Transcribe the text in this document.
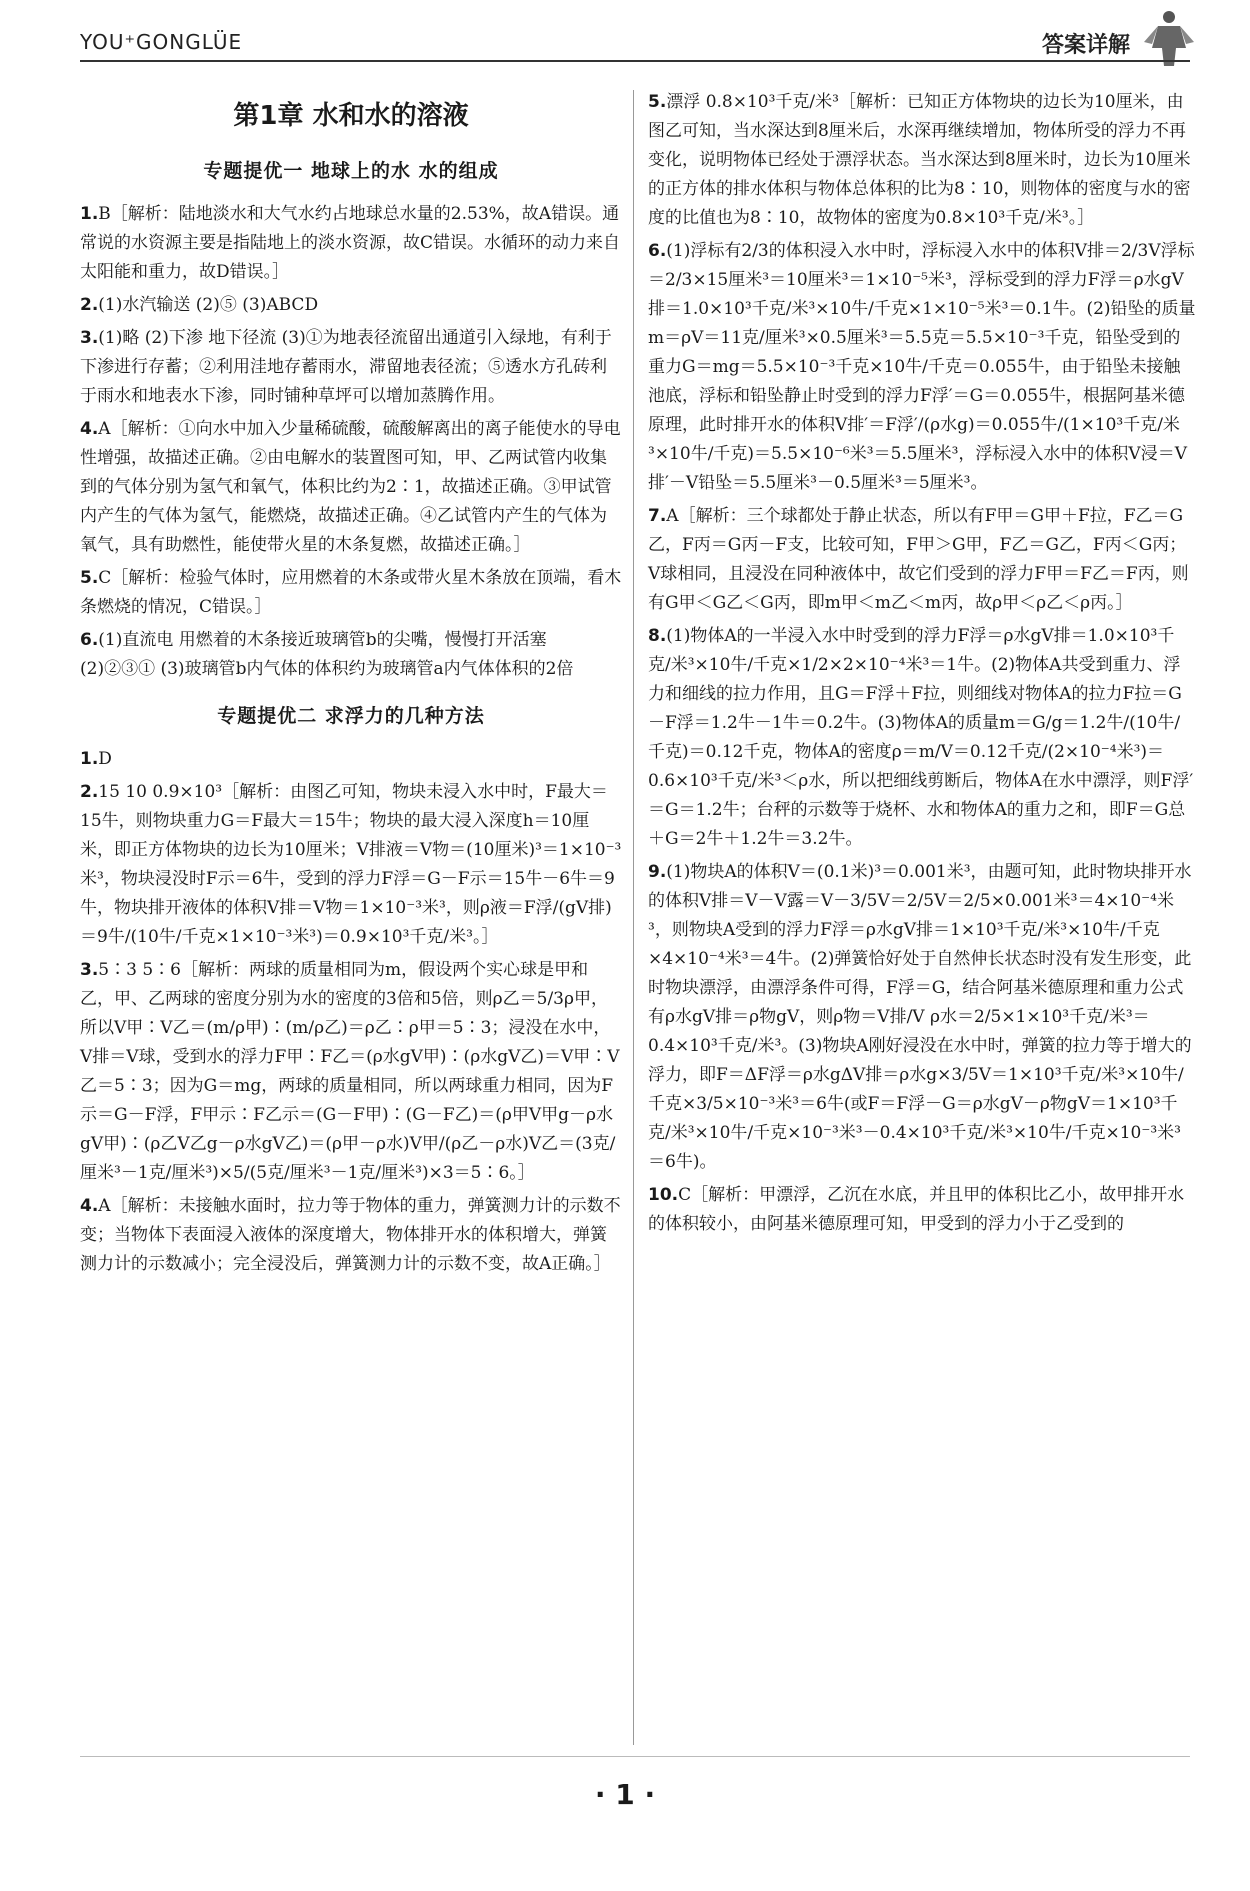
YOU⁺GONGLÜE	答案详解
第1章 水和水的溶液
专题提优一 地球上的水 水的组成
1.B［解析：陆地淡水和大气水约占地球总水量的2.53%，故A错误。通常说的水资源主要是指陆地上的淡水资源，故C错误。水循环的动力来自太阳能和重力，故D错误。］
2.(1)水汽输送 (2)⑤ (3)ABCD
3.(1)略 (2)下渗 地下径流 (3)①为地表径流留出通道引入绿地，有利于下渗进行存蓄；②利用洼地存蓄雨水，滞留地表径流；⑤透水方孔砖利于雨水和地表水下渗，同时铺种草坪可以增加蒸腾作用。
4.A［解析：①向水中加入少量稀硫酸，硫酸解离出的离子能使水的导电性增强，故描述正确。②由电解水的装置图可知，甲、乙两试管内收集到的气体分别为氢气和氧气，体积比约为2∶1，故描述正确。③甲试管内产生的气体为氢气，能燃烧，故描述正确。④乙试管内产生的气体为氧气，具有助燃性，能使带火星的木条复燃，故描述正确。］
5.C［解析：检验气体时，应用燃着的木条或带火星木条放在顶端，看木条燃烧的情况，C错误。］
6.(1)直流电 用燃着的木条接近玻璃管b的尖嘴，慢慢打开活塞 (2)②③① (3)玻璃管b内气体的体积约为玻璃管a内气体体积的2倍
专题提优二 求浮力的几种方法
1.D
2.15 10 0.9×10³［解析：由图乙可知，物块未浸入水中时，F最大＝15牛，则物块重力G＝F最大＝15牛；物块的最大浸入深度h＝10厘米，即正方体物块的边长为10厘米；V排液＝V物＝(10厘米)³＝1×10⁻³米³，物块浸没时F示＝6牛，受到的浮力F浮＝G－F示＝15牛－6牛＝9牛，物块排开液体的体积V排＝V物＝1×10⁻³米³，则ρ液＝F浮/(gV排)＝9牛/(10牛/千克×1×10⁻³米³)＝0.9×10³千克/米³。］
3.5∶3 5∶6［解析：两球的质量相同为m，假设两个实心球是甲和乙，甲、乙两球的密度分别为水的密度的3倍和5倍，则ρ乙＝5/3ρ甲，所以V甲∶V乙＝(m/ρ甲)∶(m/ρ乙)＝ρ乙∶ρ甲＝5∶3；浸没在水中，V排＝V球，受到水的浮力F甲∶F乙＝(ρ水gV甲)∶(ρ水gV乙)＝V甲∶V乙＝5∶3；因为G＝mg，两球的质量相同，所以两球重力相同，因为F示＝G－F浮，F甲示∶F乙示＝(G－F甲)∶(G－F乙)＝(ρ甲V甲g－ρ水gV甲)∶(ρ乙V乙g－ρ水gV乙)＝(ρ甲－ρ水)V甲/(ρ乙－ρ水)V乙＝(3克/厘米³－1克/厘米³)×5/(5克/厘米³－1克/厘米³)×3＝5∶6。］
4.A［解析：未接触水面时，拉力等于物体的重力，弹簧测力计的示数不变；当物体下表面浸入液体的深度增大，物体排开水的体积增大，弹簧测力计的示数减小；完全浸没后，弹簧测力计的示数不变，故A正确。］
5.漂浮 0.8×10³千克/米³［解析：已知正方体物块的边长为10厘米，由图乙可知，当水深达到8厘米后，水深再继续增加，物体所受的浮力不再变化，说明物体已经处于漂浮状态。当水深达到8厘米时，边长为10厘米的正方体的排水体积与物体总体积的比为8∶10，则物体的密度与水的密度的比值也为8∶10，故物体的密度为0.8×10³千克/米³。］
6.(1)浮标有2/3的体积浸入水中时，浮标浸入水中的体积V排＝2/3V浮标＝2/3×15厘米³＝10厘米³＝1×10⁻⁵米³，浮标受到的浮力F浮＝ρ水gV排＝1.0×10³千克/米³×10牛/千克×1×10⁻⁵米³＝0.1牛。(2)铅坠的质量m＝ρV＝11克/厘米³×0.5厘米³＝5.5克＝5.5×10⁻³千克，铅坠受到的重力G＝mg＝5.5×10⁻³千克×10牛/千克＝0.055牛，由于铅坠未接触池底，浮标和铅坠静止时受到的浮力F浮′＝G＝0.055牛，根据阿基米德原理，此时排开水的体积V排′＝F浮′/(ρ水g)＝0.055牛/(1×10³千克/米³×10牛/千克)＝5.5×10⁻⁶米³＝5.5厘米³，浮标浸入水中的体积V浸＝V排′－V铅坠＝5.5厘米³－0.5厘米³＝5厘米³。
7.A［解析：三个球都处于静止状态，所以有F甲＝G甲＋F拉，F乙＝G乙，F丙＝G丙－F支，比较可知，F甲＞G甲，F乙＝G乙，F丙＜G丙；V球相同，且浸没在同种液体中，故它们受到的浮力F甲＝F乙＝F丙，则有G甲＜G乙＜G丙，即m甲＜m乙＜m丙，故ρ甲＜ρ乙＜ρ丙。］
8.(1)物体A的一半浸入水中时受到的浮力F浮＝ρ水gV排＝1.0×10³千克/米³×10牛/千克×1/2×2×10⁻⁴米³＝1牛。(2)物体A共受到重力、浮力和细线的拉力作用，且G＝F浮＋F拉，则细线对物体A的拉力F拉＝G－F浮＝1.2牛－1牛＝0.2牛。(3)物体A的质量m＝G/g＝1.2牛/(10牛/千克)＝0.12千克，物体A的密度ρ＝m/V＝0.12千克/(2×10⁻⁴米³)＝0.6×10³千克/米³＜ρ水，所以把细线剪断后，物体A在水中漂浮，则F浮′＝G＝1.2牛；台秤的示数等于烧杯、水和物体A的重力之和，即F＝G总＋G＝2牛＋1.2牛＝3.2牛。
9.(1)物块A的体积V＝(0.1米)³＝0.001米³，由题可知，此时物块排开水的体积V排＝V－V露＝V－3/5V＝2/5V＝2/5×0.001米³＝4×10⁻⁴米³，则物块A受到的浮力F浮＝ρ水gV排＝1×10³千克/米³×10牛/千克×4×10⁻⁴米³＝4牛。(2)弹簧恰好处于自然伸长状态时没有发生形变，此时物块漂浮，由漂浮条件可得，F浮＝G，结合阿基米德原理和重力公式有ρ水gV排＝ρ物gV，则ρ物＝V排/V ρ水＝2/5×1×10³千克/米³＝0.4×10³千克/米³。(3)物块A刚好浸没在水中时，弹簧的拉力等于增大的浮力，即F＝ΔF浮＝ρ水gΔV排＝ρ水g×3/5V＝1×10³千克/米³×10牛/千克×3/5×10⁻³米³＝6牛(或F＝F浮－G＝ρ水gV－ρ物gV＝1×10³千克/米³×10牛/千克×10⁻³米³－0.4×10³千克/米³×10牛/千克×10⁻³米³＝6牛)。
10.C［解析：甲漂浮，乙沉在水底，并且甲的体积比乙小，故甲排开水的体积较小，由阿基米德原理可知，甲受到的浮力小于乙受到的
· 1 ·
